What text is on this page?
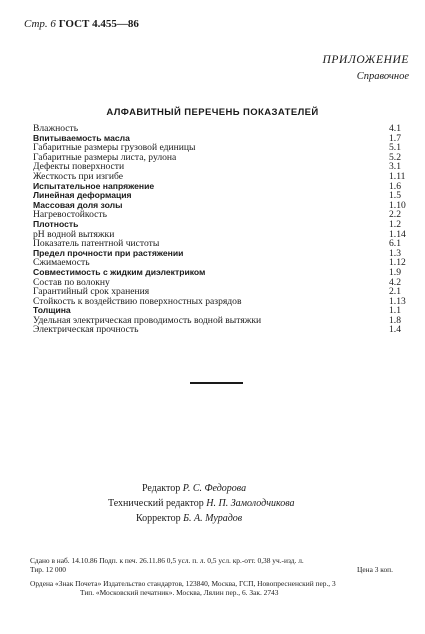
Стр. 6 ГОСТ 4.455—86
ПРИЛОЖЕНИЕ
Справочное
АЛФАВИТНЫЙ ПЕРЕЧЕНЬ ПОКАЗАТЕЛЕЙ
Влажность	4.1
Впитываемость масла	1.7
Габаритные размеры грузовой единицы	5.1
Габаритные размеры листа, рулона	5.2
Дефекты поверхности	3.1
Жесткость при изгибе	1.11
Испытательное напряжение	1.6
Линейная деформация	1.5
Массовая доля золы	1.10
Нагревостойкость	2.2
Плотность	1.2
рН водной вытяжки	1.14
Показатель патентной чистоты	6.1
Предел прочности при растяжении	1.3
Сжимаемость	1.12
Совместимость с жидким диэлектриком	1.9
Состав по волокну	4.2
Гарантийный срок хранения	2.1
Стойкость к воздействию поверхностных разрядов	1.13
Толщина	1.1
Удельная электрическая проводимость водной вытяжки	1.8
Электрическая прочность	1.4
Редактор Р. С. Федорова
Технический редактор Н. П. Замолодчикова
Корректор Б. А. Мурадов
Сдано в наб. 14.10.86 Подп. к печ. 26.11.86 0,5 усл. п. л. 0,5 усл. кр.-отт. 0,38 уч.-изд. л.
Тир. 12 000	Цена 3 коп.
Ордена «Знак Почета» Издательство стандартов, 123840, Москва, ГСП, Новопресненский пер., 3
Тип. «Московский печатник». Москва, Лялин пер., 6. Зак. 2743
